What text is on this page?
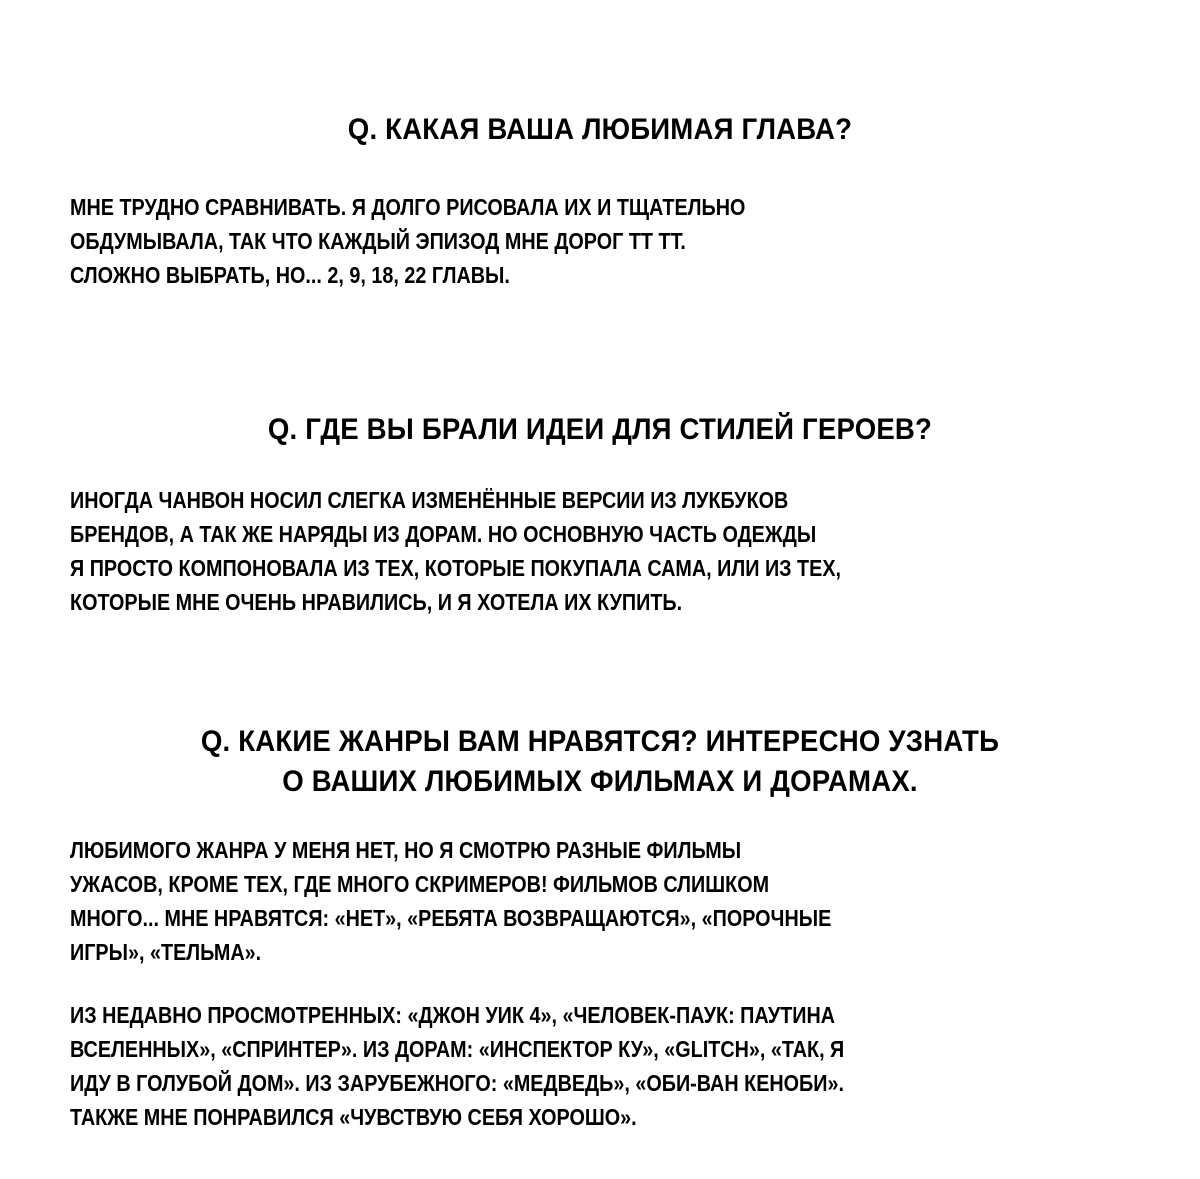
Q. КАКАЯ ВАША ЛЮБИМАЯ ГЛАВА?
МНЕ ТРУДНО СРАВНИВАТЬ. Я ДОЛГО РИСОВАЛА ИХ И ТЩАТЕЛЬНО
ОБДУМЫВАЛА, ТАК ЧТО КАЖДЫЙ ЭПИЗОД МНЕ ДОРОГ ТТ ТТ.
СЛОЖНО ВЫБРАТЬ, НО... 2, 9, 18, 22 ГЛАВЫ.
Q. ГДЕ ВЫ БРАЛИ ИДЕИ ДЛЯ СТИЛЕЙ ГЕРОЕВ?
ИНОГДА ЧАНВОН НОСИЛ СЛЕГКА ИЗМЕНЁННЫЕ ВЕРСИИ ИЗ ЛУКБУКОВ
БРЕНДОВ, А ТАК ЖЕ НАРЯДЫ ИЗ ДОРАМ. НО ОСНОВНУЮ ЧАСТЬ ОДЕЖДЫ
Я ПРОСТО КОМПОНОВАЛА ИЗ ТЕХ, КОТОРЫЕ ПОКУПАЛА САМА, ИЛИ ИЗ ТЕХ,
КОТОРЫЕ МНЕ ОЧЕНЬ НРАВИЛИСЬ, И Я ХОТЕЛА ИХ КУПИТЬ.
Q. КАКИЕ ЖАНРЫ ВАМ НРАВЯТСЯ? ИНТЕРЕСНО УЗНАТЬ
О ВАШИХ ЛЮБИМЫХ ФИЛЬМАХ И ДОРАМАХ.
ЛЮБИМОГО ЖАНРА У МЕНЯ НЕТ, НО Я СМОТРЮ РАЗНЫЕ ФИЛЬМЫ
УЖАСОВ, КРОМЕ ТЕХ, ГДЕ МНОГО СКРИМЕРОВ! ФИЛЬМОВ СЛИШКОМ
МНОГО... МНЕ НРАВЯТСЯ: «НЕТ», «РЕБЯТА ВОЗВРАЩАЮТСЯ», «ПОРОЧНЫЕ
ИГРЫ», «ТЕЛЬМА».
ИЗ НЕДАВНО ПРОСМОТРЕННЫХ: «ДЖОН УИК 4», «ЧЕЛОВЕК-ПАУК: ПАУТИНА
ВСЕЛЕННЫХ», «СПРИНТЕР». ИЗ ДОРАМ: «ИНСПЕКТОР КУ», «GLITCH», «ТАК, Я
ИДУ В ГОЛУБОЙ ДОМ». ИЗ ЗАРУБЕЖНОГО: «МЕДВЕДЬ», «ОБИ-ВАН КЕНОБИ».
ТАКЖЕ МНЕ ПОНРАВИЛСЯ «ЧУВСТВУЮ СЕБЯ ХОРОШО».
